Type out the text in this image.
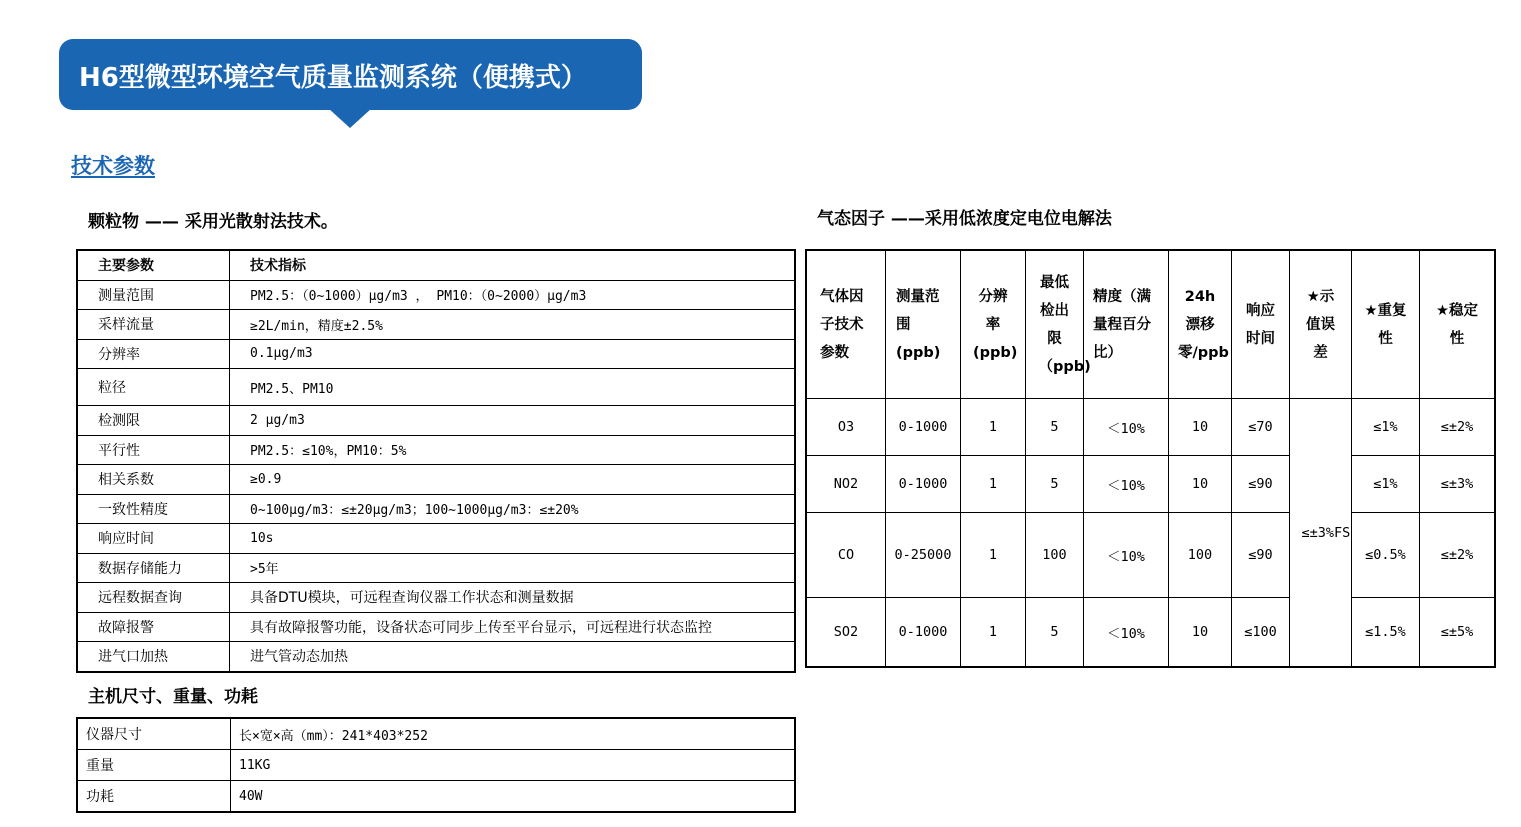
H6型微型环境空气质量监测系统（便携式）
技术参数
颗粒物 —— 采用光散射法技术。
主要参数	技术指标
测量范围	PM2.5：（0~1000）μg/m3 ， PM10：（0~2000）μg/m3
采样流量	≥2L/min，精度±2.5%
分辨率	0.1μg/m3
粒径	PM2.5、PM10
检测限	2 μg/m3
平行性	PM2.5：≤10%，PM10：5%
相关系数	≥0.9
一致性精度	0~100μg/m3：≤±20μg/m3；100~1000μg/m3：≤±20%
响应时间	10s
数据存储能力	>5年
远程数据查询	具备DTU模块，可远程查询仪器工作状态和测量数据
故障报警	具有故障报警功能，设备状态可同步上传至平台显示，可远程进行状态监控
进气口加热	进气管动态加热
主机尺寸、重量、功耗
仪器尺寸	长×宽×高（mm）：241*403*252
重量	11KG
功耗	40W
气态因子 ——采用低浓度定电位电解法
气体因子技术参数	测量范围(ppb)	分辨率(ppb)	最低检出限（ppb)	精度（满量程百分比）	24h漂移零/ppb	响应时间	★示值误差	★重复性	★稳定性

O3	0-1000	1	5	＜10%	10	≤70	≤±3%FS	≤1%	≤±2%
NO2	0-1000	1	5	＜10%	10	≤90		≤1%	≤±3%
CO	0-25000	1	100	＜10%	100	≤90		≤0.5%	≤±2%
SO2	0-1000	1	5	＜10%	10	≤100		≤1.5%	≤±5%
